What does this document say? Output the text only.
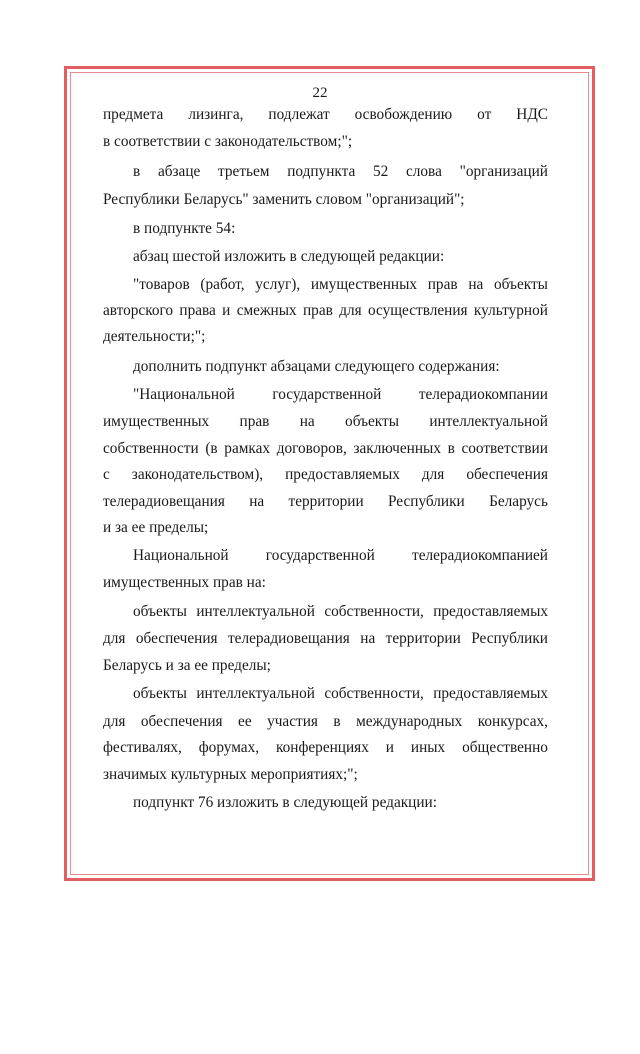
22
предмета лизинга, подлежат освобождению от НДС
в соответствии с законодательством;";
в абзаце третьем подпункта 52 слова "организаций
Республики Беларусь" заменить словом "организаций";
в подпункте 54:
абзац шестой изложить в следующей редакции:
"товаров (работ, услуг), имущественных прав на объекты
авторского права и смежных прав для осуществления культурной
деятельности;";
дополнить подпункт абзацами следующего содержания:
"Национальной государственной телерадиокомпании
имущественных прав на объекты интеллектуальной
собственности (в рамках договоров, заключенных в соответствии
с законодательством), предоставляемых для обеспечения
телерадиовещания на территории Республики Беларусь
и за ее пределы;
Национальной государственной телерадиокомпанией
имущественных прав на:
объекты интеллектуальной собственности, предоставляемых
для обеспечения телерадиовещания на территории Республики
Беларусь и за ее пределы;
объекты интеллектуальной собственности, предоставляемых
для обеспечения ее участия в международных конкурсах,
фестивалях, форумах, конференциях и иных общественно
значимых культурных мероприятиях;";
подпункт 76 изложить в следующей редакции:
